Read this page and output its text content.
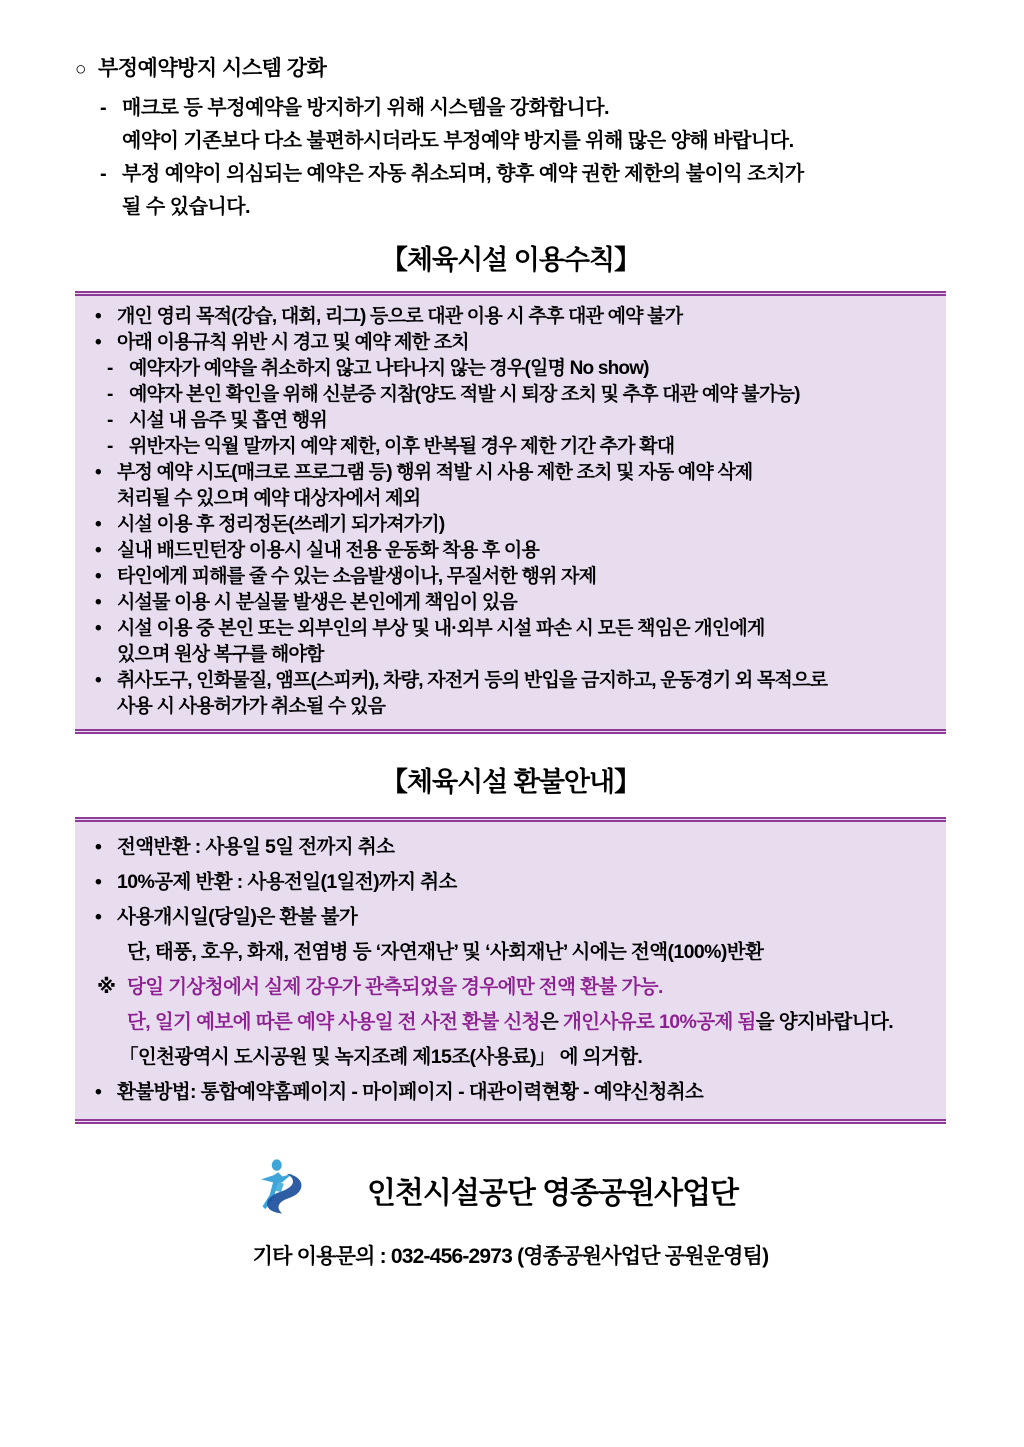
○ 부정예약방지 시스템 강화
- 매크로 등 부정예약을 방지하기 위해 시스템을 강화합니다.
예약이 기존보다 다소 불편하시더라도 부정예약 방지를 위해 많은 양해 바랍니다.
- 부정 예약이 의심되는 예약은 자동 취소되며, 향후 예약 권한 제한의 불이익 조치가
될 수 있습니다.
【체육시설 이용수칙】
• 개인 영리 목적(강습, 대회, 리그) 등으로 대관 이용 시 추후 대관 예약 불가
• 아래 이용규칙 위반 시 경고 및 예약 제한 조치
- 예약자가 예약을 취소하지 않고 나타나지 않는 경우(일명 No show)
- 예약자 본인 확인을 위해 신분증 지참(양도 적발 시 퇴장 조치 및 추후 대관 예약 불가능)
- 시설 내 음주 및 흡연 행위
- 위반자는 익월 말까지 예약 제한, 이후 반복될 경우 제한 기간 추가 확대
• 부정 예약 시도(매크로 프로그램 등) 행위 적발 시 사용 제한 조치 및 자동 예약 삭제
처리될 수 있으며 예약 대상자에서 제외
• 시설 이용 후 정리정돈(쓰레기 되가져가기)
• 실내 배드민턴장 이용시 실내 전용 운동화 착용 후 이용
• 타인에게 피해를 줄 수 있는 소음발생이나, 무질서한 행위 자제
• 시설물 이용 시 분실물 발생은 본인에게 책임이 있음
• 시설 이용 중 본인 또는 외부인의 부상 및 내·외부 시설 파손 시 모든 책임은 개인에게
있으며 원상 복구를 해야함
• 취사도구, 인화물질, 앰프(스피커), 차량, 자전거 등의 반입을 금지하고, 운동경기 외 목적으로
사용 시 사용허가가 취소될 수 있음
【체육시설 환불안내】
• 전액반환 : 사용일 5일 전까지 취소
• 10%공제 반환 : 사용전일(1일전)까지 취소
• 사용개시일(당일)은 환불 불가
단, 태풍, 호우, 화재, 전염병 등 ‘자연재난’ 및 ‘사회재난’ 시에는 전액(100%)반환
※ 당일 기상청에서 실제 강우가 관측되었을 경우에만 전액 환불 가능.
단, 일기 예보에 따른 예약 사용일 전 사전 환불 신청은 개인사유로 10%공제 됨을 양지바랍니다.
「인천광역시 도시공원 및 녹지조례 제15조(사용료)」 에 의거함.
• 환불방법: 통합예약홈페이지 - 마이페이지 - 대관이력현황 - 예약신청취소
인천시설공단 영종공원사업단
기타 이용문의 : 032-456-2973 (영종공원사업단 공원운영팀)
